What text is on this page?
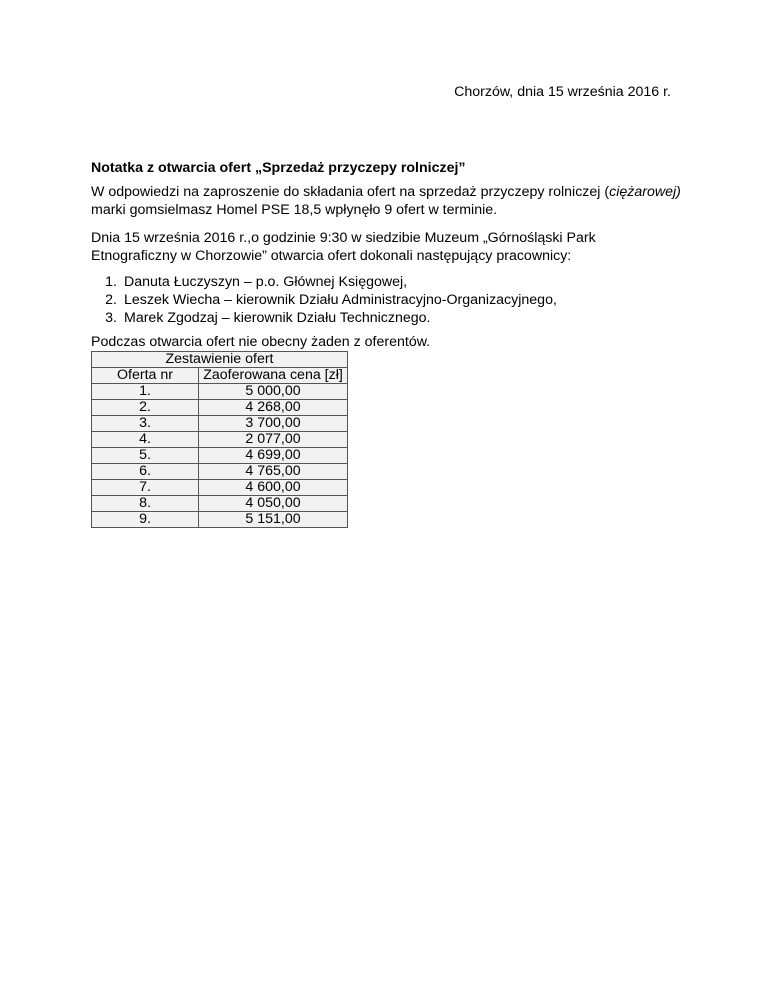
Chorzów, dnia 15 września 2016 r.
Notatka z otwarcia ofert „Sprzedaż przyczepy rolniczej”
W odpowiedzi na zaproszenie do składania ofert na sprzedaż przyczepy rolniczej (ciężarowej) marki gomsielmasz Homel PSE 18,5 wpłynęło 9 ofert w terminie.
Dnia 15 września 2016 r.,o godzinie 9:30 w siedzibie Muzeum „Górnośląski Park Etnograficzny w Chorzowie” otwarcia ofert dokonali następujący pracownicy:
1. Danuta Łuczyszyn – p.o. Głównej Księgowej,
2. Leszek Wiecha – kierownik Działu Administracyjno-Organizacyjnego,
3. Marek Zgodzaj – kierownik Działu Technicznego.
Podczas otwarcia ofert nie obecny żaden z oferentów.
Zestawienie ofert	
Oferta nr	Zaoferowana cena [zł]
1.	5 000,00
2.	4 268,00
3.	3 700,00
4.	2 077,00
5.	4 699,00
6.	4 765,00
7.	4 600,00
8.	4 050,00
9.	5 151,00
